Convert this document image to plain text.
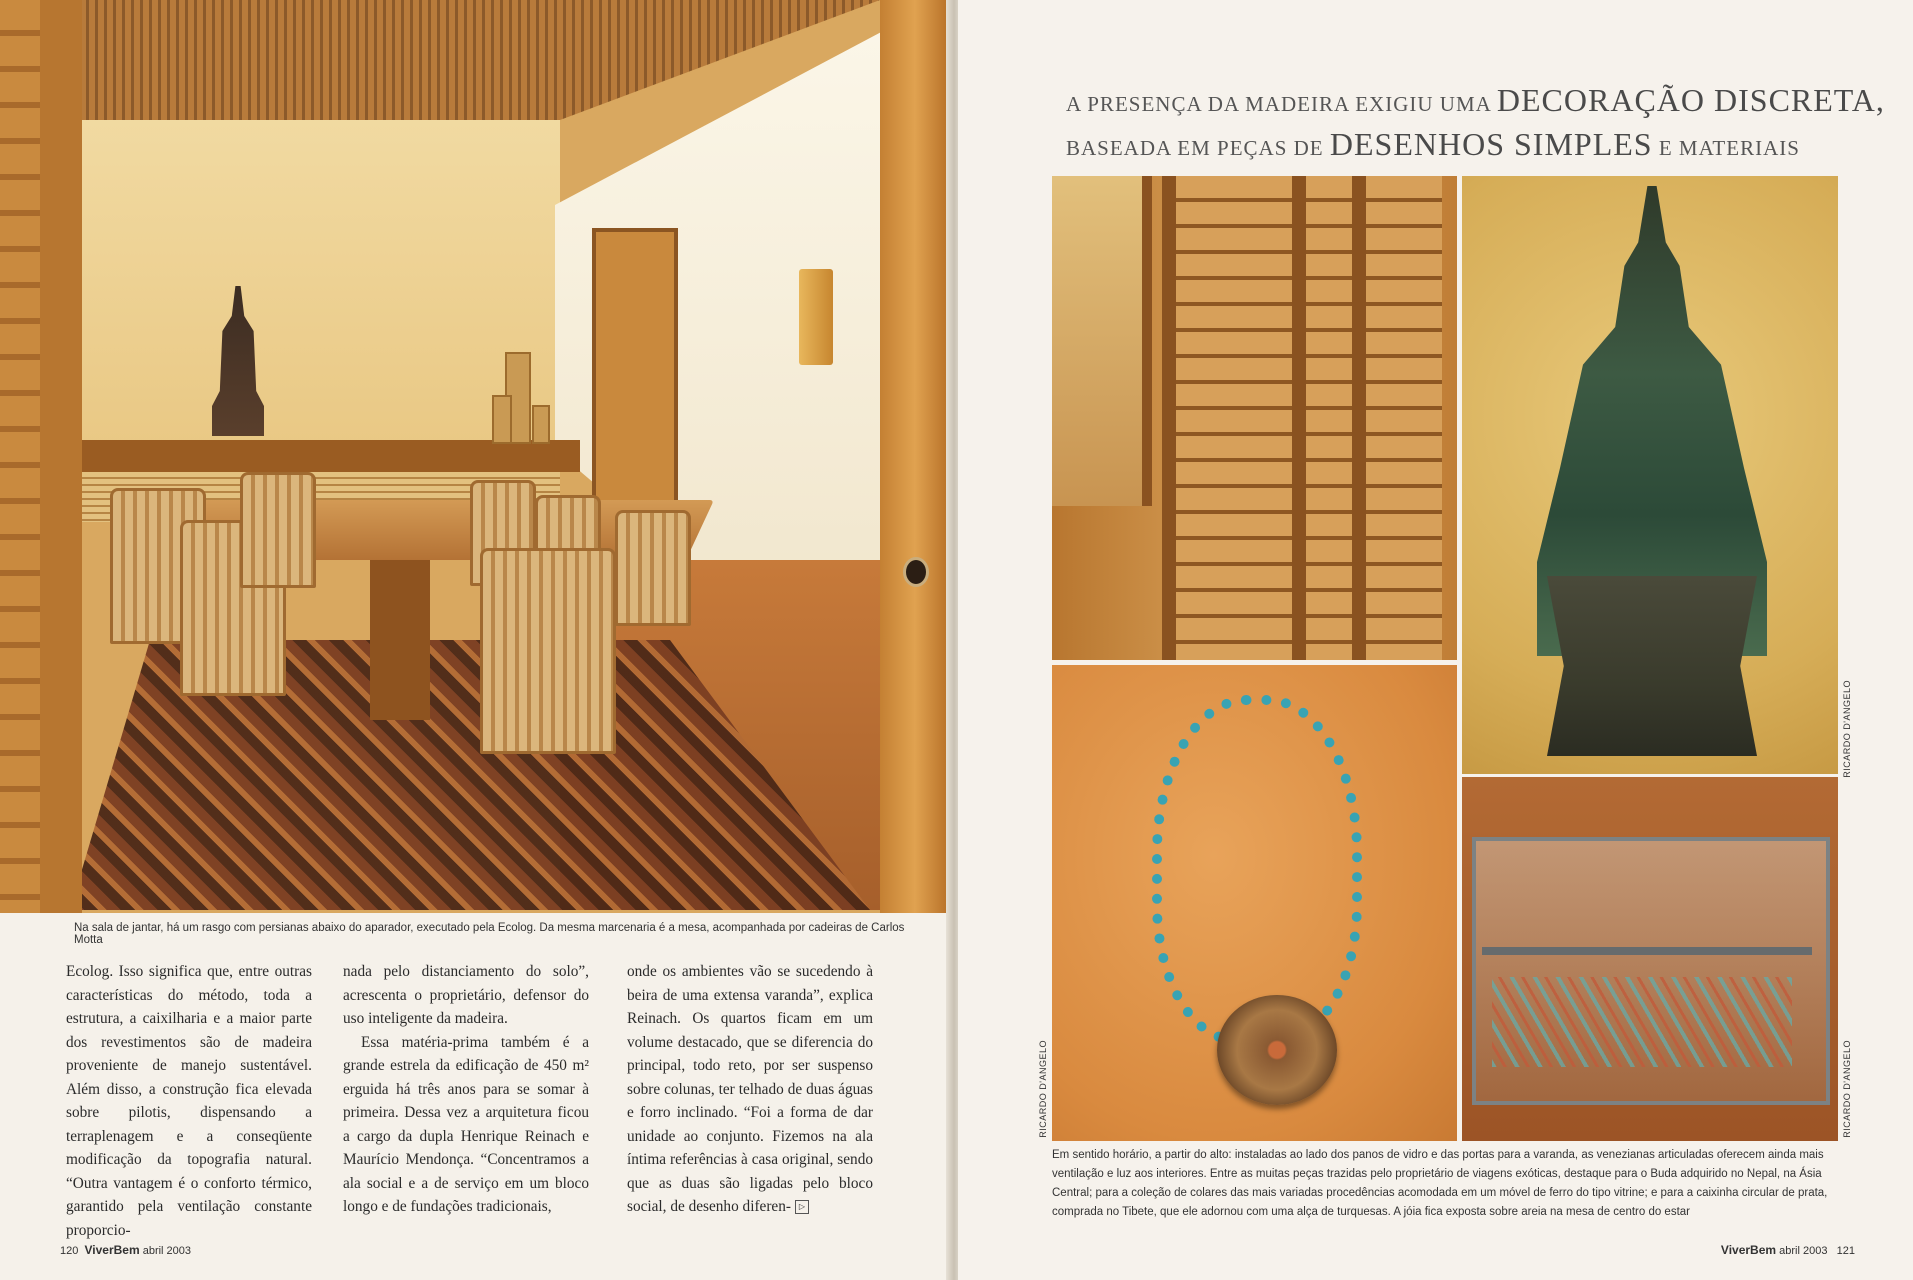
Na sala de jantar, há um rasgo com persianas abaixo do aparador, executado pela Ecolog. Da mesma marcenaria é a mesa, acompanhada por cadeiras de Carlos Motta

Ecolog. Isso significa que, entre outras características do método, toda a estrutura, a caixilharia e a maior parte dos revestimentos são de madeira proveniente de manejo sustentável. Além disso, a construção fica elevada sobre pilotis, dispensando a terraplenagem e a conseqüente modificação da topografia natural. “Outra vantagem é o conforto térmico, garantido pela ventilação constante proporcio-

nada pelo distanciamento do solo”, acrescenta o proprietário, defensor do uso inteligente da madeira.

Essa matéria-prima também é a grande estrela da edificação de 450 m² erguida há três anos para se somar à primeira. Dessa vez a arquitetura ficou a cargo da dupla Henrique Reinach e Maurício Mendonça. “Concentramos a ala social e a de serviço em um bloco longo e de fundações tradicionais,

onde os ambientes vão se sucedendo à beira de uma extensa varanda”, explica Reinach. Os quartos ficam em um volume destacado, que se diferencia do principal, todo reto, por ser suspenso sobre colunas, ter telhado de duas águas e forro inclinado. “Foi a forma de dar unidade ao conjunto. Fizemos na ala íntima referências à casa original, sendo que as duas são ligadas pelo bloco social, de desenho diferen- ▷

120 ViverBem abril 2003
A PRESENÇA DA MADEIRA EXIGIU UMA DECORAÇÃO DISCRETA,
BASEADA EM PEÇAS DE DESENHOS SIMPLES E MATERIAIS
RICARDO D'ANGELO
RICARDO D'ANGELO	RICARDO D'ANGELO
Em sentido horário, a partir do alto: instaladas ao lado dos panos de vidro e das portas para a varanda, as venezianas articuladas oferecem ainda mais ventilação e luz aos interiores. Entre as muitas peças trazidas pelo proprietário de viagens exóticas, destaque para o Buda adquirido no Nepal, na Ásia Central; para a coleção de colares das mais variadas procedências acomodada em um móvel de ferro do tipo vitrine; e para a caixinha circular de prata, comprada no Tibete, que ele adornou com uma alça de turquesas. A jóia fica exposta sobre areia na mesa de centro do estar
ViverBem abril 2003 121
